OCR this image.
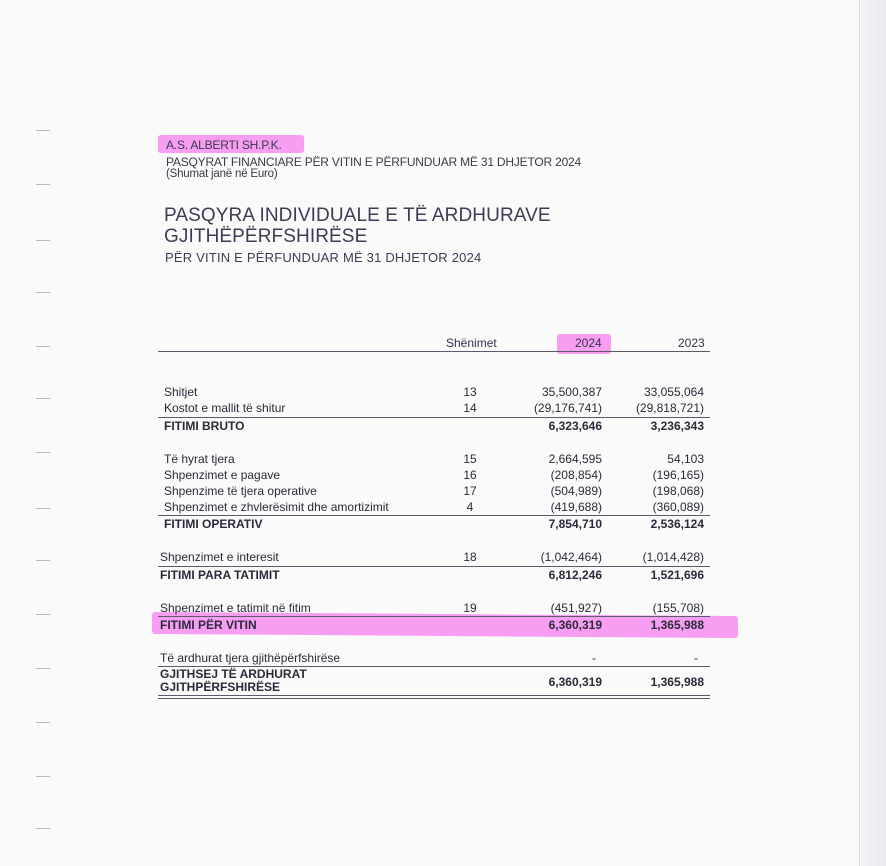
A.S. ALBERTI SH.P.K.
PASQYRAT FINANCIARE PËR VITIN E PËRFUNDUAR MË 31 DHJETOR 2024
(Shumat janë në Euro)
PASQYRA INDIVIDUALE E TË ARDHURAVE
GJITHËPËRFSHIRËSE
PËR VITIN E PËRFUNDUAR MË 31 DHJETOR 2024
Shënimet	2024	2023
Shitjet	13	35,500,387	33,055,064
Kostot e mallit të shitur	14	(29,176,741)	(29,818,721)
FITIMI BRUTO	6,323,646	3,236,343
Të hyrat tjera	15	2,664,595	54,103
Shpenzimet e pagave	16	(208,854)	(196,165)
Shpenzime të tjera operative	17	(504,989)	(198,068)
Shpenzimet e zhvlerësimit dhe amortizimit	4	(419,688)	(360,089)
FITIMI OPERATIV	7,854,710	2,536,124
Shpenzimet e interesit	18	(1,042,464)	(1,014,428)
FITIMI PARA TATIMIT	6,812,246	1,521,696
Shpenzimet e tatimit në fitim	19	(451,927)	(155,708)
FITIMI PËR VITIN	6,360,319	1,365,988
Të ardhurat tjera gjithëpërfshirëse	-	-
GJITHSEJ TË ARDHURAT
GJITHPËRFSHIRËSE	6,360,319	1,365,988
